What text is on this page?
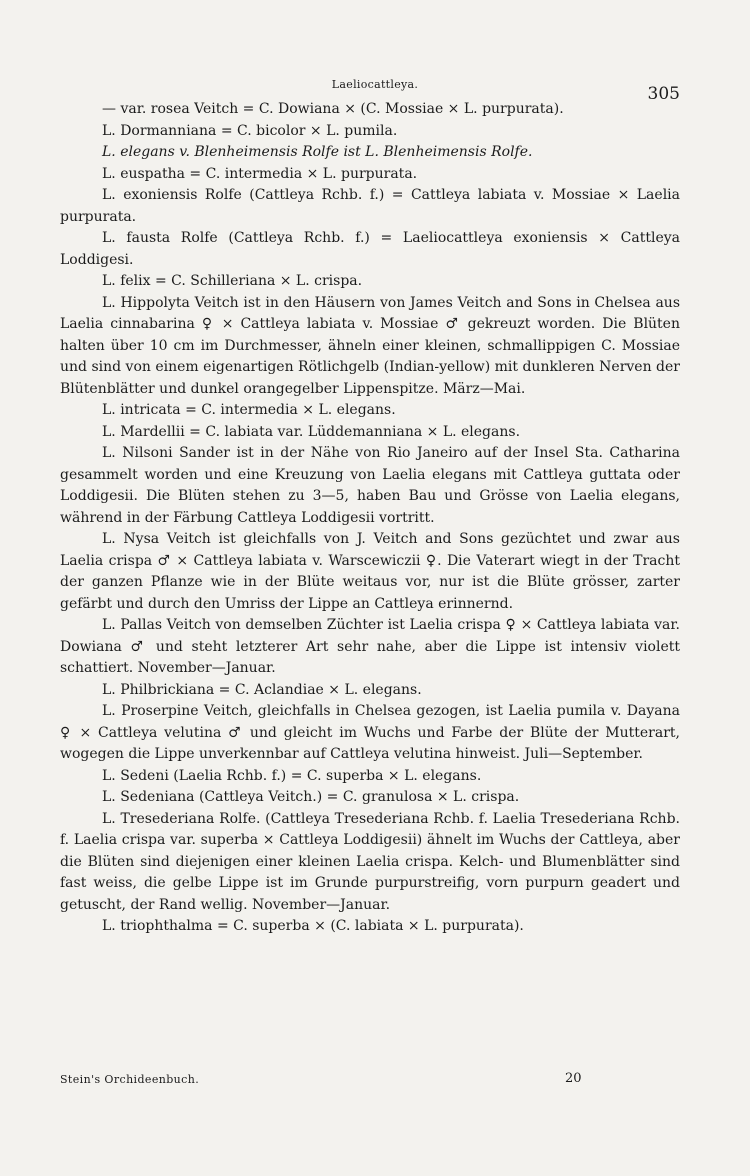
Laeliocattleya.	305

— var. rosea Veitch = C. Dowiana × (C. Mossiae × L. purpurata).

L. Dormanniana = C. bicolor × L. pumila.

L. elegans v. Blenheimensis Rolfe ist L. Blenheimensis Rolfe.

L. euspatha = C. intermedia × L. purpurata.

L. exoniensis Rolfe (Cattleya Rchb. f.) = Cattleya labiata v. Mossiae × Laelia purpurata.

L. fausta Rolfe (Cattleya Rchb. f.) = Laeliocattleya exoniensis × Cattleya Loddigesi.

L. felix = C. Schilleriana × L. crispa.

L. Hippolyta Veitch ist in den Häusern von James Veitch and Sons in Chelsea aus Laelia cinnabarina ♀ × Cattleya labiata v. Mossiae ♂ gekreuzt worden. Die Blüten halten über 10 cm im Durchmesser, ähneln einer kleinen, schmallippigen C. Mossiae und sind von einem eigenartigen Rötlichgelb (Indian-yellow) mit dunkleren Nerven der Blütenblätter und dunkel orangegelber Lippenspitze. März—Mai.

L. intricata = C. intermedia × L. elegans.

L. Mardellii = C. labiata var. Lüddemanniana × L. elegans.

L. Nilsoni Sander ist in der Nähe von Rio Janeiro auf der Insel Sta. Catharina gesammelt worden und eine Kreuzung von Laelia elegans mit Cattleya guttata oder Loddigesii. Die Blüten stehen zu 3—5, haben Bau und Grösse von Laelia elegans, während in der Färbung Cattleya Loddigesii vortritt.

L. Nysa Veitch ist gleichfalls von J. Veitch and Sons gezüchtet und zwar aus Laelia crispa ♂ × Cattleya labiata v. Warscewiczii ♀. Die Vaterart wiegt in der Tracht der ganzen Pflanze wie in der Blüte weitaus vor, nur ist die Blüte grösser, zarter gefärbt und durch den Umriss der Lippe an Cattleya erinnernd.

L. Pallas Veitch von demselben Züchter ist Laelia crispa ♀ × Cattleya labiata var. Dowiana ♂ und steht letzterer Art sehr nahe, aber die Lippe ist intensiv violett schattiert. November—Januar.

L. Philbrickiana = C. Aclandiae × L. elegans.

L. Proserpine Veitch, gleichfalls in Chelsea gezogen, ist Laelia pumila v. Dayana ♀ × Cattleya velutina ♂ und gleicht im Wuchs und Farbe der Blüte der Mutterart, wogegen die Lippe unverkennbar auf Cattleya velutina hinweist. Juli—September.

L. Sedeni (Laelia Rchb. f.) = C. superba × L. elegans.

L. Sedeniana (Cattleya Veitch.) = C. granulosa × L. crispa.

L. Tresederiana Rolfe. (Cattleya Tresederiana Rchb. f. Laelia Tresederiana Rchb. f. Laelia crispa var. superba × Cattleya Loddigesii) ähnelt im Wuchs der Cattleya, aber die Blüten sind diejenigen einer kleinen Laelia crispa. Kelch- und Blumenblätter sind fast weiss, die gelbe Lippe ist im Grunde purpurstreifig, vorn purpurn geadert und getuscht, der Rand wellig. November—Januar.

L. triophthalma = C. superba × (C. labiata × L. purpurata).

Stein's Orchideenbuch.	20
